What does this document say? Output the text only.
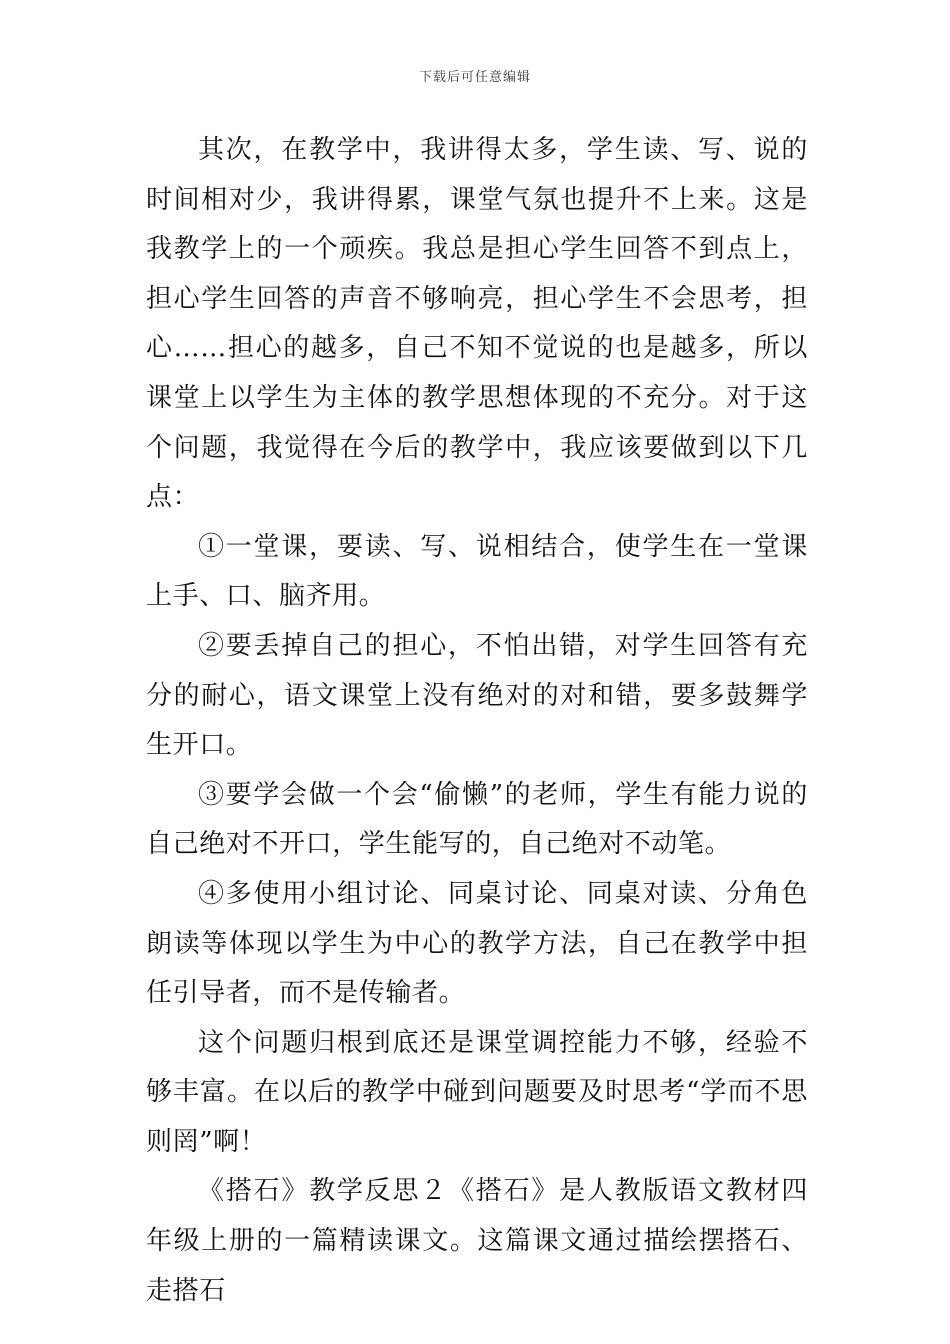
下载后可任意编辑

其次，在教学中，我讲得太多，学生读、写、说的时间相对少，我讲得累，课堂气氛也提升不上来。这是我教学上的一个顽疾。我总是担心学生回答不到点上，担心学生回答的声音不够响亮，担心学生不会思考，担心……担心的越多，自己不知不觉说的也是越多，所以课堂上以学生为主体的教学思想体现的不充分。对于这个问题，我觉得在今后的教学中，我应该要做到以下几点：

①一堂课，要读、写、说相结合，使学生在一堂课上手、口、脑齐用。

②要丢掉自己的担心，不怕出错，对学生回答有充分的耐心，语文课堂上没有绝对的对和错，要多鼓舞学生开口。

③要学会做一个会“偷懒”的老师，学生有能力说的自己绝对不开口，学生能写的，自己绝对不动笔。

④多使用小组讨论、同桌讨论、同桌对读、分角色朗读等体现以学生为中心的教学方法，自己在教学中担任引导者，而不是传输者。

这个问题归根到底还是课堂调控能力不够，经验不够丰富。在以后的教学中碰到问题要及时思考“学而不思则罔”啊！

《搭石》教学反思２《搭石》是人教版语文教材四年级上册的一篇精读课文。这篇课文通过描绘摆搭石、走搭石
